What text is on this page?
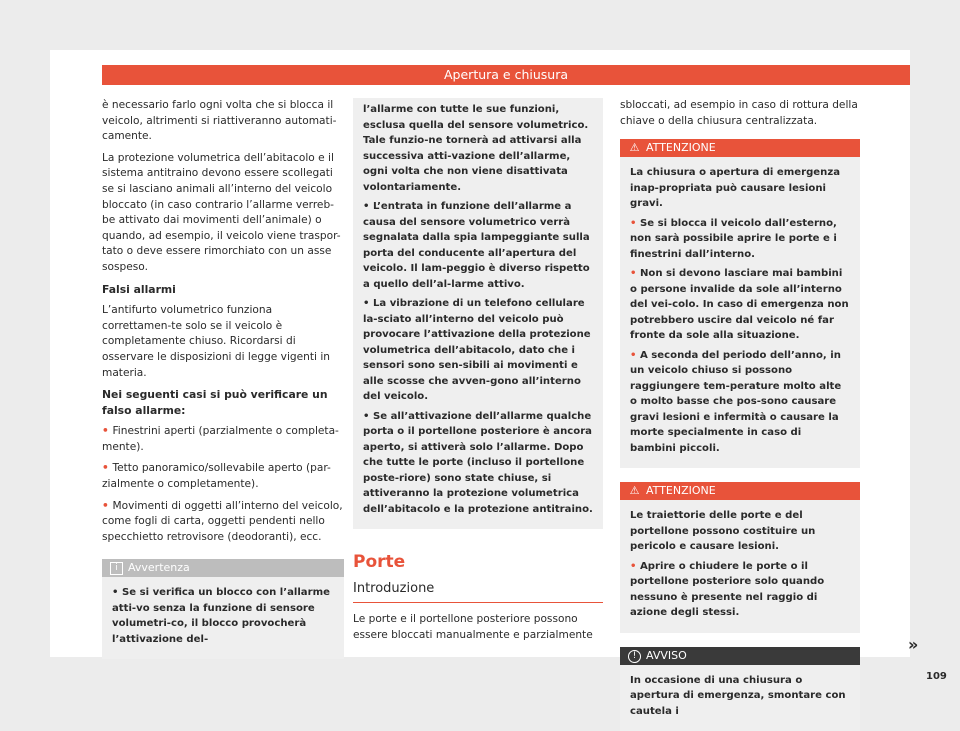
Apertura e chiusura

è necessario farlo ogni volta che si blocca il veicolo, altrimenti si riattiveranno automati-camente.

La protezione volumetrica dell’abitacolo e il sistema antitraino devono essere scollegati se si lasciano animali all’interno del veicolo bloccato (in caso contrario l’allarme verreb-be attivato dai movimenti dell’animale) o quando, ad esempio, il veicolo viene traspor-tato o deve essere rimorchiato con un asse sospeso.

Falsi allarmi

L’antifurto volumetrico funziona correttamen-te solo se il veicolo è completamente chiuso. Ricordarsi di osservare le disposizioni di legge vigenti in materia.

Nei seguenti casi si può verificare un falso allarme:

• Finestrini aperti (parzialmente o completa-mente).

• Tetto panoramico/sollevabile aperto (par-zialmente o completamente).

• Movimenti di oggetti all’interno del veicolo, come fogli di carta, oggetti pendenti nello specchietto retrovisore (deodoranti), ecc.

i Avvertenza

• Se si verifica un blocco con l’allarme atti-vo senza la funzione di sensore volumetri-co, il blocco provocherà l’attivazione del-

l’allarme con tutte le sue funzioni, esclusa quella del sensore volumetrico. Tale funzio-ne tornerà ad attivarsi alla successiva atti-vazione dell’allarme, ogni volta che non viene disattivata volontariamente.

• L’entrata in funzione dell’allarme a causa del sensore volumetrico verrà segnalata dalla spia lampeggiante sulla porta del conducente all’apertura del veicolo. Il lam-peggio è diverso rispetto a quello dell’al-larme attivo.

• La vibrazione di un telefono cellulare la-sciato all’interno del veicolo può provocare l’attivazione della protezione volumetrica dell’abitacolo, dato che i sensori sono sen-sibili ai movimenti e alle scosse che avven-gono all’interno del veicolo.

• Se all’attivazione dell’allarme qualche porta o il portellone posteriore è ancora aperto, si attiverà solo l’allarme. Dopo che tutte le porte (incluso il portellone poste-riore) sono state chiuse, si attiveranno la protezione volumetrica dell’abitacolo e la protezione antitraino.

Porte
Introduzione

Le porte e il portellone posteriore possono essere bloccati manualmente e parzialmente

sbloccati, ad esempio in caso di rottura della chiave o della chiusura centralizzata.

⚠ ATTENZIONE

La chiusura o apertura di emergenza inap-propriata può causare lesioni gravi.

• Se si blocca il veicolo dall’esterno, non sarà possibile aprire le porte e i finestrini dall’interno.

• Non si devono lasciare mai bambini o persone invalide da sole all’interno del vei-colo. In caso di emergenza non potrebbero uscire dal veicolo né far fronte da sole alla situazione.

• A seconda del periodo dell’anno, in un veicolo chiuso si possono raggiungere tem-perature molto alte o molto basse che pos-sono causare gravi lesioni e infermità o causare la morte specialmente in caso di bambini piccoli.

⚠ ATTENZIONE

Le traiettorie delle porte e del portellone possono costituire un pericolo e causare lesioni.

• Aprire o chiudere le porte o il portellone posteriore solo quando nessuno è presente nel raggio di azione degli stessi.

! AVVISO

In occasione di una chiusura o apertura di emergenza, smontare con cautela i

»
109
